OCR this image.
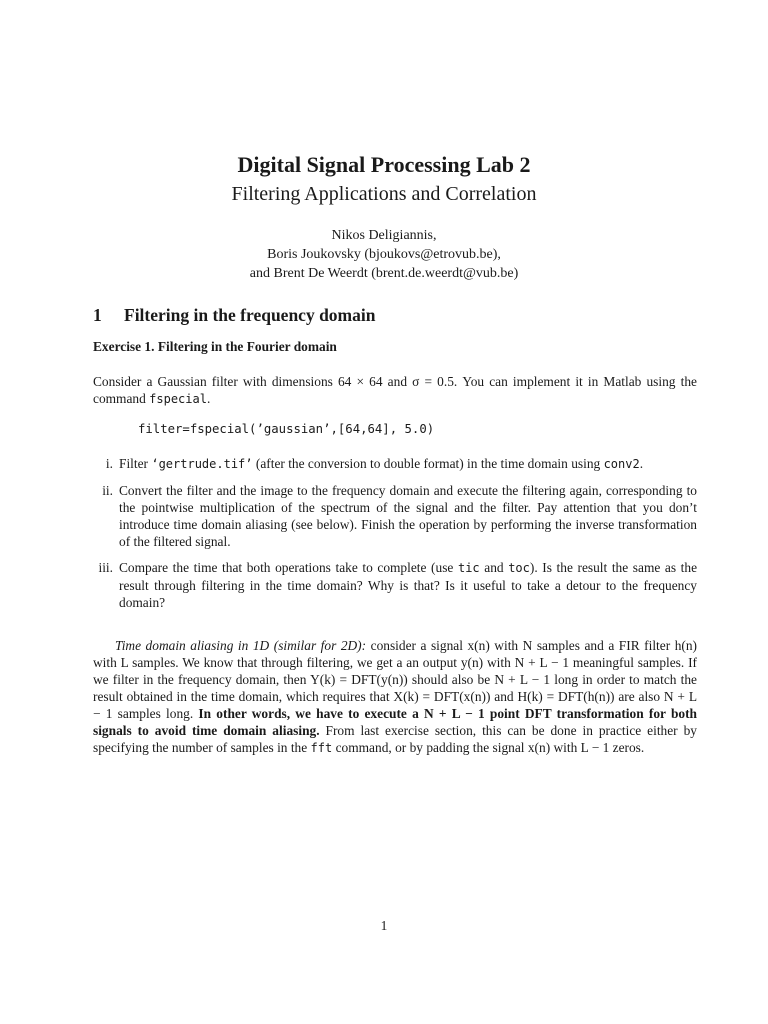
Digital Signal Processing Lab 2
Filtering Applications and Correlation
Nikos Deligiannis,
Boris Joukovsky (bjoukovs@etrovub.be),
and Brent De Weerdt (brent.de.weerdt@vub.be)
1 Filtering in the frequency domain
Exercise 1. Filtering in the Fourier domain
Consider a Gaussian filter with dimensions 64 × 64 and σ = 0.5. You can implement it in Matlab using the command fspecial.
filter=fspecial(’gaussian’,[64,64], 5.0)
i. Filter ‘gertrude.tif’ (after the conversion to double format) in the time domain using conv2.
ii. Convert the filter and the image to the frequency domain and execute the filtering again, corresponding to the pointwise multiplication of the spectrum of the signal and the filter. Pay attention that you don’t introduce time domain aliasing (see below). Finish the operation by performing the inverse transformation of the filtered signal.
iii. Compare the time that both operations take to complete (use tic and toc). Is the result the same as the result through filtering in the time domain? Why is that? Is it useful to take a detour to the frequency domain?
Time domain aliasing in 1D (similar for 2D): consider a signal x(n) with N samples and a FIR filter h(n) with L samples. We know that through filtering, we get a an output y(n) with N + L − 1 meaningful samples. If we filter in the frequency domain, then Y(k) = DFT(y(n)) should also be N + L − 1 long in order to match the result obtained in the time domain, which requires that X(k) = DFT(x(n)) and H(k) = DFT(h(n)) are also N + L − 1 samples long. In other words, we have to execute a N + L − 1 point DFT transformation for both signals to avoid time domain aliasing. From last exercise section, this can be done in practice either by specifying the number of samples in the fft command, or by padding the signal x(n) with L − 1 zeros.
1
